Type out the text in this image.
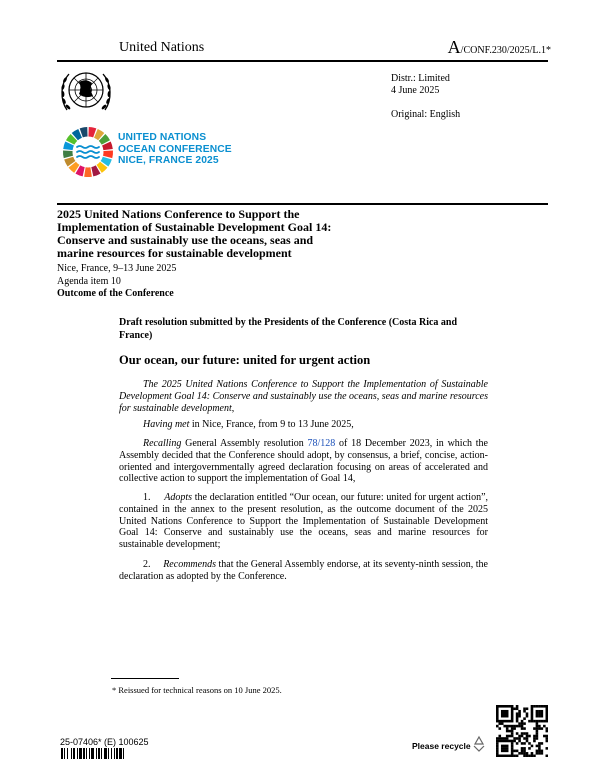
United Nations	A/CONF.230/2025/L.1*
Distr.: Limited
4 June 2025
Original: English
UNITED NATIONS
OCEAN CONFERENCE
NICE, FRANCE 2025
2025 United Nations Conference to Support the
Implementation of Sustainable Development Goal 14:
Conserve and sustainably use the oceans, seas and
marine resources for sustainable development
Nice, France, 9–13 June 2025
Agenda item 10
Outcome of the Conference
Draft resolution submitted by the Presidents of the Conference (Costa Rica and France)
Our ocean, our future: united for urgent action
The 2025 United Nations Conference to Support the Implementation of Sustainable Development Goal 14: Conserve and sustainably use the oceans, seas and marine resources for sustainable development,
Having met in Nice, France, from 9 to 13 June 2025,
Recalling General Assembly resolution 78/128 of 18 December 2023, in which the Assembly decided that the Conference should adopt, by consensus, a brief, concise, action-oriented and intergovernmentally agreed declaration focusing on areas of accelerated and collective action to support the implementation of Goal 14,
1. Adopts the declaration entitled “Our ocean, our future: united for urgent action”, contained in the annex to the present resolution, as the outcome document of the 2025 United Nations Conference to Support the Implementation of Sustainable Development Goal 14: Conserve and sustainably use the oceans, seas and marine resources for sustainable development;
2. Recommends that the General Assembly endorse, at its seventy-ninth session, the declaration as adopted by the Conference.
* Reissued for technical reasons on 10 June 2025.
25-07406* (E) 100625	Please recycle
